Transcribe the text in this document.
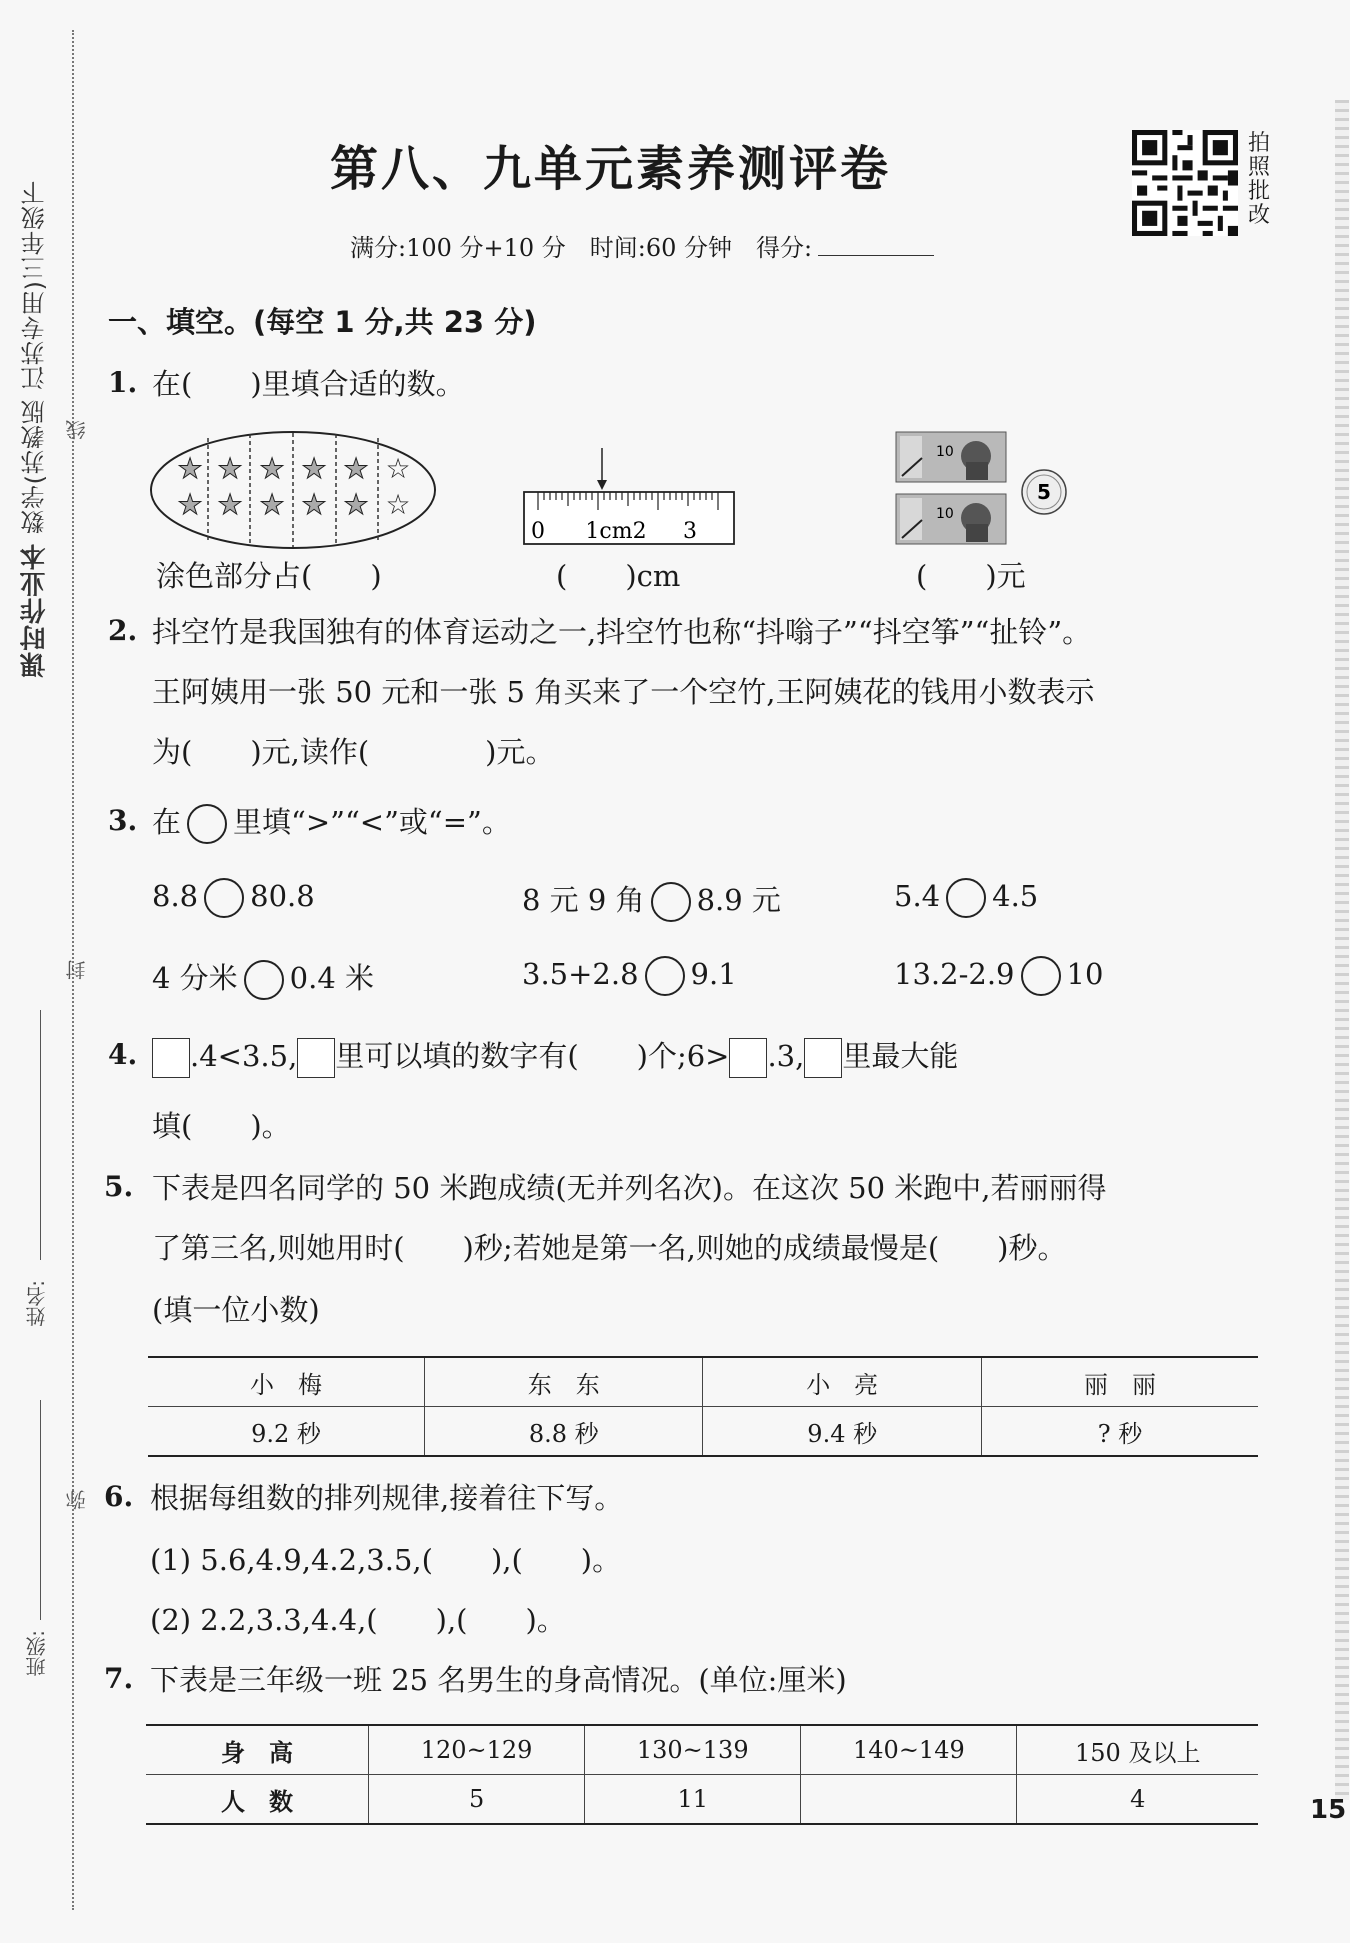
课时作业本 数学(苏教版 江苏专用)三年级下 线
封
弥
姓名:
班级:
第八、九单元素养测评卷
满分:100 分+10 分　时间:60 分钟　得分:
拍
照
批
改
一、填空。(每空 1 分,共 23 分)
1. 在(　　)里填合适的数。
★ ★ ★ ★ ★ ☆
★ ★ ★ ★ ★ ☆
涂色部分占(　　)
0 1cm2 3
(　　)cm
10
10
5
(　　)元
2. 抖空竹是我国独有的体育运动之一,抖空竹也称“抖嗡子”“抖空筝”“扯铃”。
王阿姨用一张 50 元和一张 5 角买来了一个空竹,王阿姨花的钱用小数表示
为(　　)元,读作(　　　　)元。
3. 在 里填“>”“<”或“=”。
8.8 80.8	8 元 9 角 8.9 元	5.4 4.5
4 分米 0.4 米	3.5+2.8 9.1	13.2-2.9 10
4.	.4<3.5, 里可以填的数字有(　　)个;6> .3, 里最大能
填(　　)。
5. 下表是四名同学的 50 米跑成绩(无并列名次)。在这次 50 米跑中,若丽丽得
了第三名,则她用时(　　)秒;若她是第一名,则她的成绩最慢是(　　)秒。
(填一位小数)
小　梅	东　东	小　亮	丽　丽
9.2 秒	8.8 秒	9.4 秒	? 秒
6. 根据每组数的排列规律,接着往下写。
(1) 5.6,4.9,4.2,3.5,(　　),(　　)。
(2) 2.2,3.3,4.4,(　　),(　　)。
7. 下表是三年级一班 25 名男生的身高情况。(单位:厘米)
身　高	120~129	130~139	140~149	150 及以上
人　数	5	11		4	15
